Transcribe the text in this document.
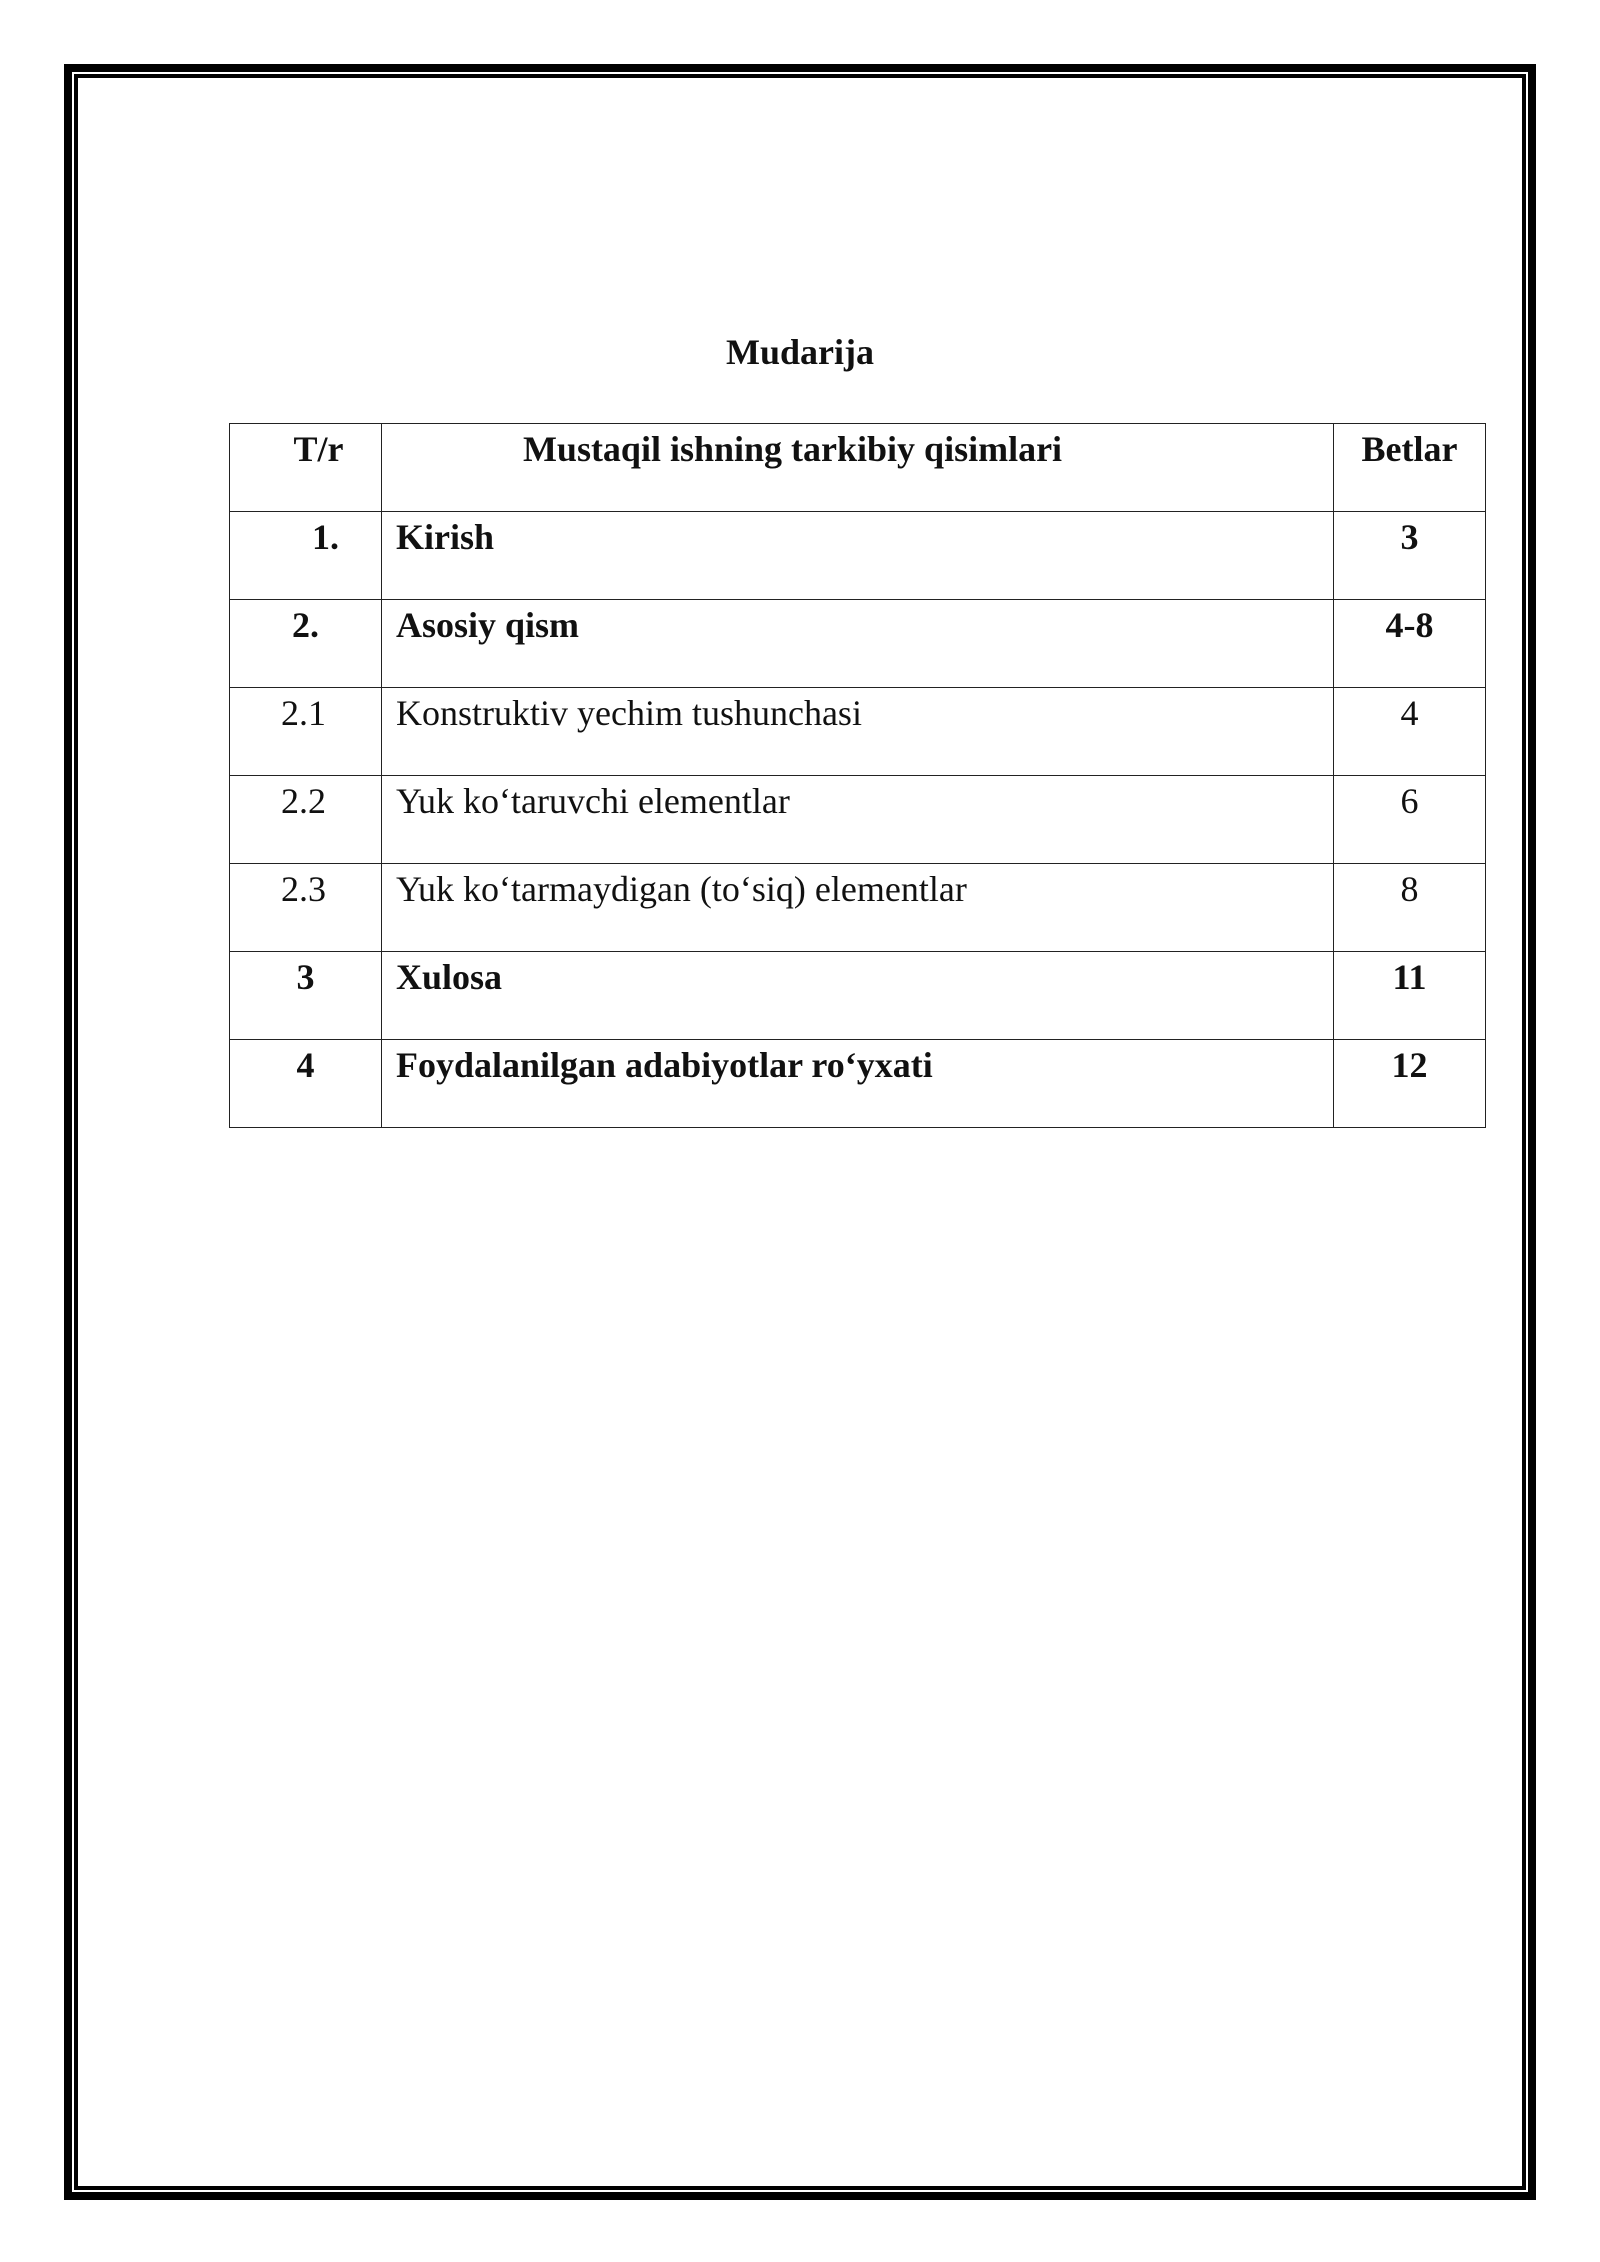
Mudarija
T/r	Mustaqil ishning tarkibiy qisimlari	Betlar

1.	Kirish	3

2.	Asosiy qism	4-8

2.1	Konstruktiv yechim tushunchasi	4

2.2	Yuk ko‘taruvchi elementlar	6

2.3	Yuk ko‘tarmaydigan (to‘siq) elementlar	8

3	Xulosa	11

4	Foydalanilgan adabiyotlar ro‘yxati	12
